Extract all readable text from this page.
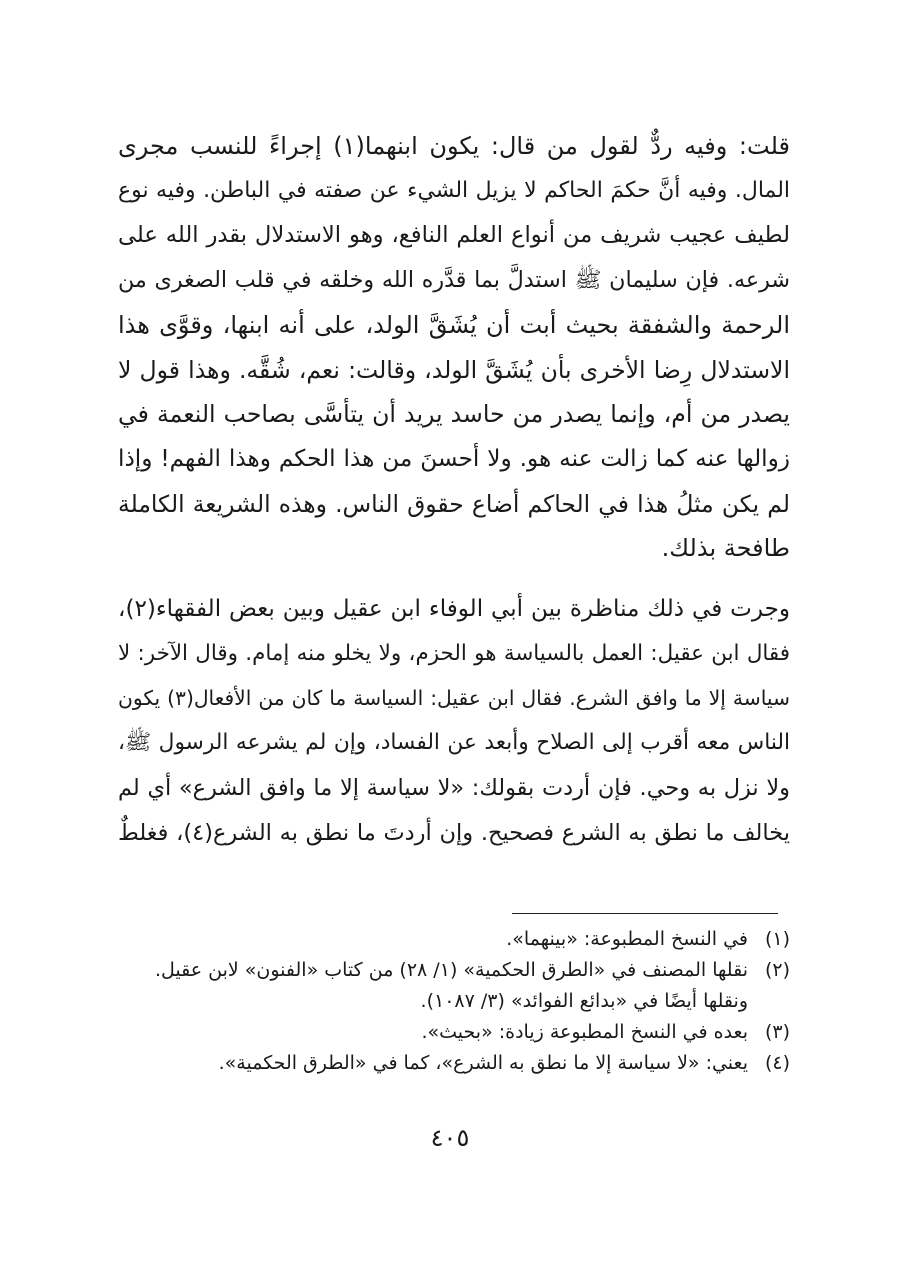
قلت: وفيه ردٌّ لقول من قال: يكون ابنهما(١) إجراءً للنسب مجرى
المال. وفيه أنَّ حكمَ الحاكم لا يزيل الشيء عن صفته في الباطن. وفيه نوع
لطيف عجيب شريف من أنواع العلم النافع، وهو الاستدلال بقدر الله على
شرعه. فإن سليمان ﷺ استدلَّ بما قدَّره الله وخلقه في قلب الصغرى من
الرحمة والشفقة بحيث أبت أن يُشَقَّ الولد، على أنه ابنها، وقوَّى هذا
الاستدلال رِضا الأخرى بأن يُشَقَّ الولد، وقالت: نعم، شُقَّه. وهذا قول لا
يصدر من أم، وإنما يصدر من حاسد يريد أن يتأسَّى بصاحب النعمة في
زوالها عنه كما زالت عنه هو. ولا أحسنَ من هذا الحكم وهذا الفهم! وإذا
لم يكن مثلُ هذا في الحاكم أضاع حقوق الناس. وهذه الشريعة الكاملة
طافحة بذلك.
وجرت في ذلك مناظرة بين أبي الوفاء ابن عقيل وبين بعض الفقهاء(٢)،
فقال ابن عقيل: العمل بالسياسة هو الحزم، ولا يخلو منه إمام. وقال الآخر: لا
سياسة إلا ما وافق الشرع. فقال ابن عقيل: السياسة ما كان من الأفعال(٣) يكون
الناس معه أقرب إلى الصلاح وأبعد عن الفساد، وإن لم يشرعه الرسول ﷺ،
ولا نزل به وحي. فإن أردت بقولك: «لا سياسة إلا ما وافق الشرع» أي لم
يخالف ما نطق به الشرع فصحيح. وإن أردتَ ما نطق به الشرع(٤)، فغلطٌ
(١)في النسخ المطبوعة: «بينهما».
(٢)نقلها المصنف في «الطرق الحكمية» (١/ ٢٨) من كتاب «الفنون» لابن عقيل.
ونقلها أيضًا في «بدائع الفوائد» (٣/ ١٠٨٧).
(٣)بعده في النسخ المطبوعة زيادة: «بحيث».
(٤)يعني: «لا سياسة إلا ما نطق به الشرع»، كما في «الطرق الحكمية».
٤٠٥
